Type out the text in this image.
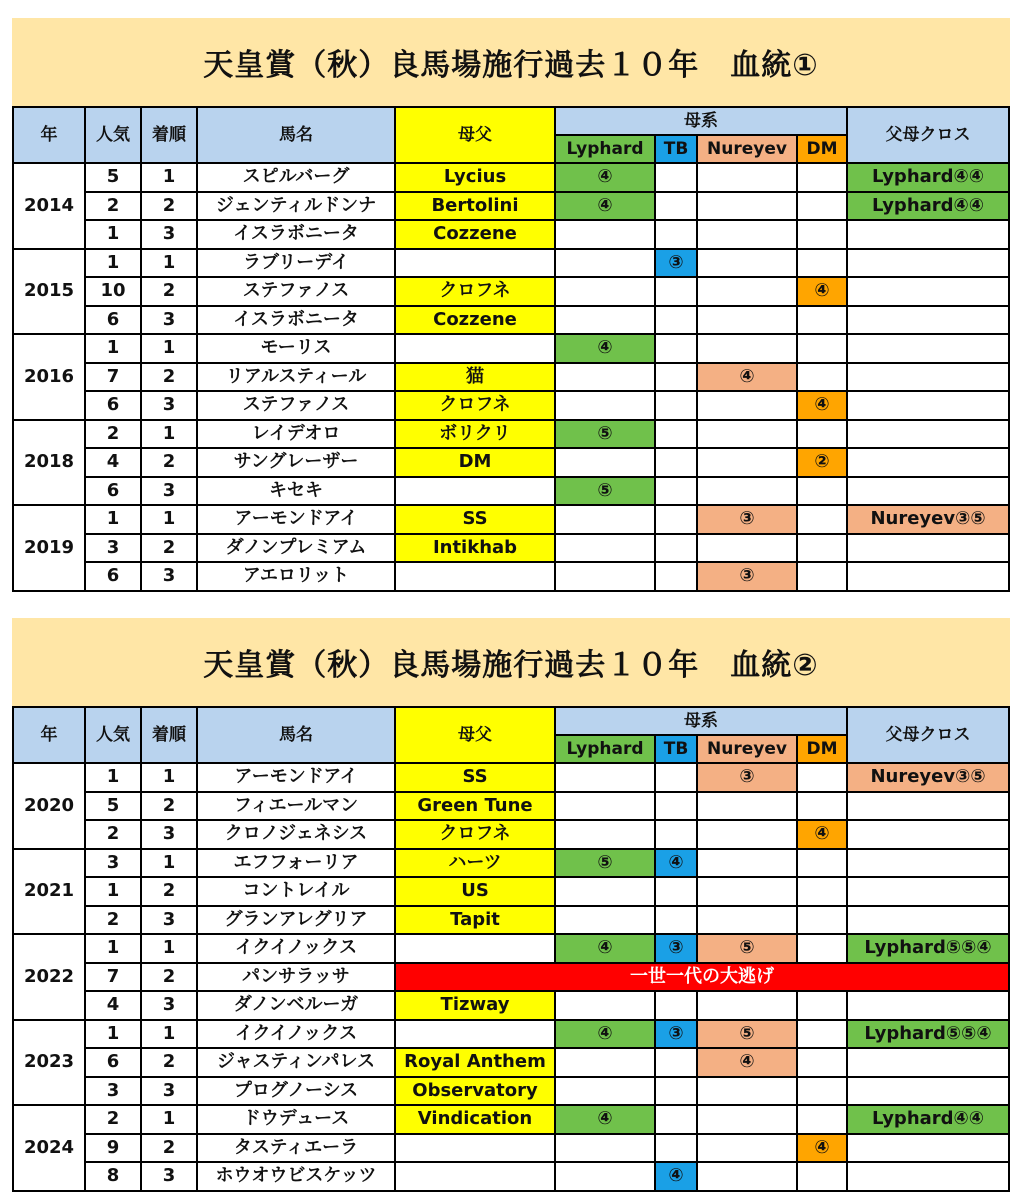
天皇賞（秋）良馬場施行過去１０年　血統①
年	人気	着順	馬名	母父	母系				父母クロス
					Lyphard	TB	Nureyev	DM	
2014	5	1	スピルバーグ	Lycius	④				Lyphard④④
	2	2	ジェンティルドンナ	Bertolini	④				Lyphard④④
	1	3	イスラボニータ	Cozzene					
2015	1	1	ラブリーデイ			③			
	10	2	ステファノス	クロフネ				④	
	6	3	イスラボニータ	Cozzene					
2016	1	1	モーリス		④				
	7	2	リアルスティール	猫			④		
	6	3	ステファノス	クロフネ				④	
2018	2	1	レイデオロ	ボリクリ	⑤				
	4	2	サングレーザー	DM				②	
	6	3	キセキ		⑤				
2019	1	1	アーモンドアイ	SS			③		Nureyev③⑤
	3	2	ダノンプレミアム	Intikhab					
	6	3	アエロリット				③		
天皇賞（秋）良馬場施行過去１０年　血統②
年	人気	着順	馬名	母父	母系				父母クロス
					Lyphard	TB	Nureyev	DM	
2020	1	1	アーモンドアイ	SS			③		Nureyev③⑤
	5	2	フィエールマン	Green Tune					
	2	3	クロノジェネシス	クロフネ				④	
2021	3	1	エフフォーリア	ハーツ	⑤	④			
	1	2	コントレイル	US					
	2	3	グランアレグリア	Tapit					
2022	1	1	イクイノックス		④	③	⑤		Lyphard⑤⑤④
	7	2	パンサラッサ	一世一代の大逃げ					
	4	3	ダノンベルーガ	Tizway					
2023	1	1	イクイノックス		④	③	⑤		Lyphard⑤⑤④
	6	2	ジャスティンパレス	Royal Anthem			④		
	3	3	プログノーシス	Observatory					
2024	2	1	ドウデュース	Vindication	④				Lyphard④④
	9	2	タスティエーラ					④	
	8	3	ホウオウビスケッツ			④			
